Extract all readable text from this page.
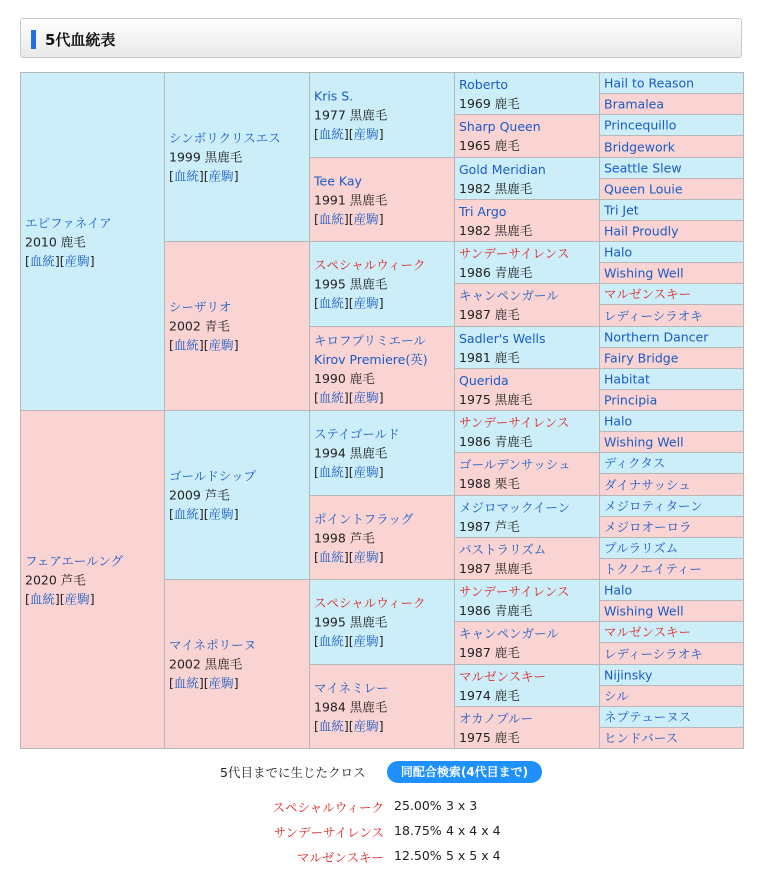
5代血統表
エピファネイア
2010 鹿毛
[血統][産駒]
フェアエールング
2020 芦毛
[血統][産駒]
シンボリクリスエス
1999 黒鹿毛
[血統][産駒]
シーザリオ
2002 青毛
[血統][産駒]
ゴールドシップ
2009 芦毛
[血統][産駒]
マイネポリーヌ
2002 黒鹿毛
[血統][産駒]
Kris S.
1977 黒鹿毛
[血統][産駒]
Tee Kay
1991 黒鹿毛
[血統][産駒]
スペシャルウィーク
1995 黒鹿毛
[血統][産駒]
キロフプリミエール
Kirov Premiere(英)
1990 鹿毛
[血統][産駒]
ステイゴールド
1994 黒鹿毛
[血統][産駒]
ポイントフラッグ
1998 芦毛
[血統][産駒]
スペシャルウィーク
1995 黒鹿毛
[血統][産駒]
マイネミレー
1984 黒鹿毛
[血統][産駒]
Roberto
1969 鹿毛
Sharp Queen
1965 鹿毛
Gold Meridian
1982 黒鹿毛
Tri Argo
1982 黒鹿毛
サンデーサイレンス
1986 青鹿毛
キャンペンガール
1987 鹿毛
Sadler's Wells
1981 鹿毛
Querida
1975 黒鹿毛
サンデーサイレンス
1986 青鹿毛
ゴールデンサッシュ
1988 栗毛
メジロマックイーン
1987 芦毛
パストラリズム
1987 黒鹿毛
サンデーサイレンス
1986 青鹿毛
キャンペンガール
1987 鹿毛
マルゼンスキー
1974 鹿毛
オカノブルー
1975 鹿毛
Hail to Reason
Bramalea
Princequillo
Bridgework
Seattle Slew
Queen Louie
Tri Jet
Hail Proudly
Halo
Wishing Well
マルゼンスキー
レディーシラオキ
Northern Dancer
Fairy Bridge
Habitat
Principia
Halo
Wishing Well
ディクタス
ダイナサッシュ
メジロティターン
メジロオーロラ
プルラリズム
トクノエイティー
Halo
Wishing Well
マルゼンスキー
レディーシラオキ
Nijinsky
シル
ネプテューヌス
ヒンドバース
5代目までに生じたクロス	同配合検索(4代目まで)
スペシャルウィーク 25.00% 3 x 3
サンデーサイレンス 18.75% 4 x 4 x 4
マルゼンスキー 12.50% 5 x 5 x 4
